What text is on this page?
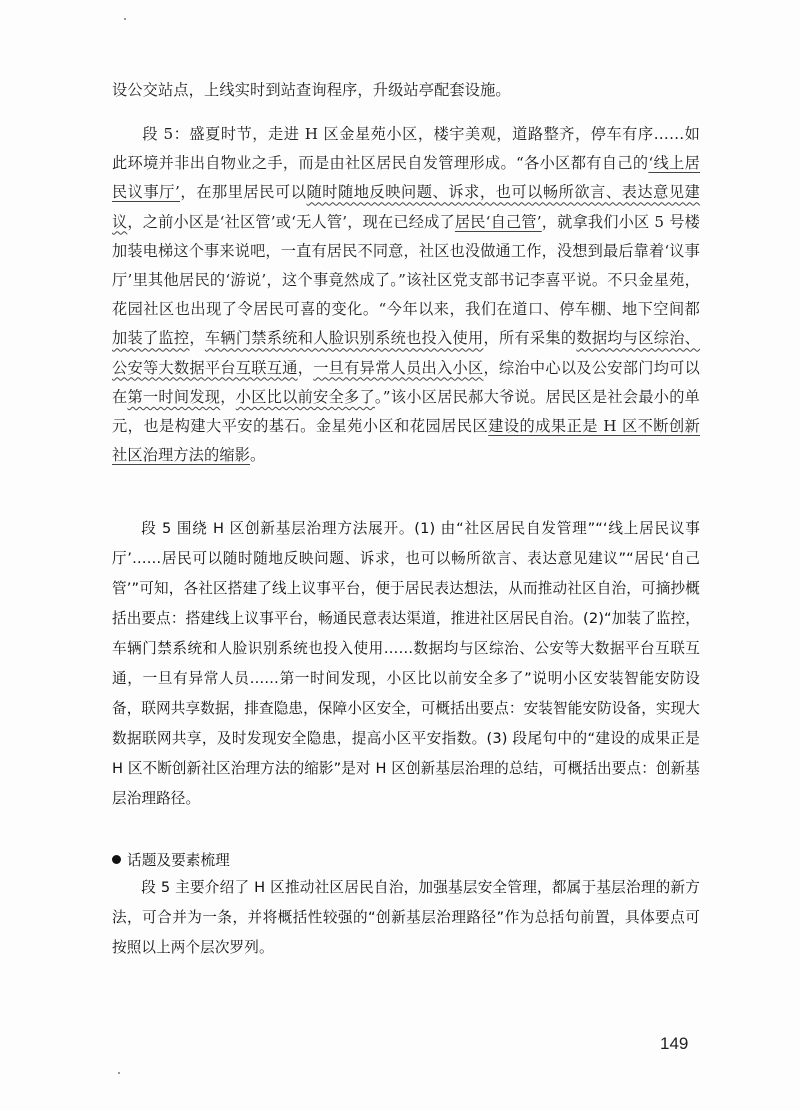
设公交站点，上线实时到站查询程序，升级站亭配套设施。

段 5：盛夏时节，走进 H 区金星苑小区，楼宇美观，道路整齐，停车有序……如此环境并非出自物业之手，而是由社区居民自发管理形成。“各小区都有自己的‘线上居民议事厅’，在那里居民可以随时随地反映问题、诉求，也可以畅所欲言、表达意见建议，之前小区是‘社区管’或‘无人管’，现在已经成了居民‘自己管’，就拿我们小区 5 号楼加装电梯这个事来说吧，一直有居民不同意，社区也没做通工作，没想到最后靠着‘议事厅’里其他居民的‘游说’，这个事竟然成了。”该社区党支部书记李喜平说。不只金星苑，花园社区也出现了令居民可喜的变化。“今年以来，我们在道口、停车棚、地下空间都加装了监控，车辆门禁系统和人脸识别系统也投入使用，所有采集的数据均与区综治、公安等大数据平台互联互通，一旦有异常人员出入小区，综治中心以及公安部门均可以在第一时间发现，小区比以前安全多了。”该小区居民郝大爷说。居民区是社会最小的单元，也是构建大平安的基石。金星苑小区和花园居民区建设的成果正是 H 区不断创新社区治理方法的缩影。

段 5 围绕 H 区创新基层治理方法展开。(1) 由“社区居民自发管理”“‘线上居民议事厅’……居民可以随时随地反映问题、诉求，也可以畅所欲言、表达意见建议”“居民‘自己管’”可知，各社区搭建了线上议事平台，便于居民表达想法，从而推动社区自治，可摘抄概括出要点：搭建线上议事平台，畅通民意表达渠道，推进社区居民自治。(2)“加装了监控，车辆门禁系统和人脸识别系统也投入使用……数据均与区综治、公安等大数据平台互联互通，一旦有异常人员……第一时间发现，小区比以前安全多了”说明小区安装智能安防设备，联网共享数据，排查隐患，保障小区安全，可概括出要点：安装智能安防设备，实现大数据联网共享，及时发现安全隐患，提高小区平安指数。(3) 段尾句中的“建设的成果正是 H 区不断创新社区治理方法的缩影”是对 H 区创新基层治理的总结，可概括出要点：创新基层治理路径。

话题及要素梳理

段 5 主要介绍了 H 区推动社区居民自治，加强基层安全管理，都属于基层治理的新方法，可合并为一条，并将概括性较强的“创新基层治理路径”作为总括句前置，具体要点可按照以上两个层次罗列。

149
